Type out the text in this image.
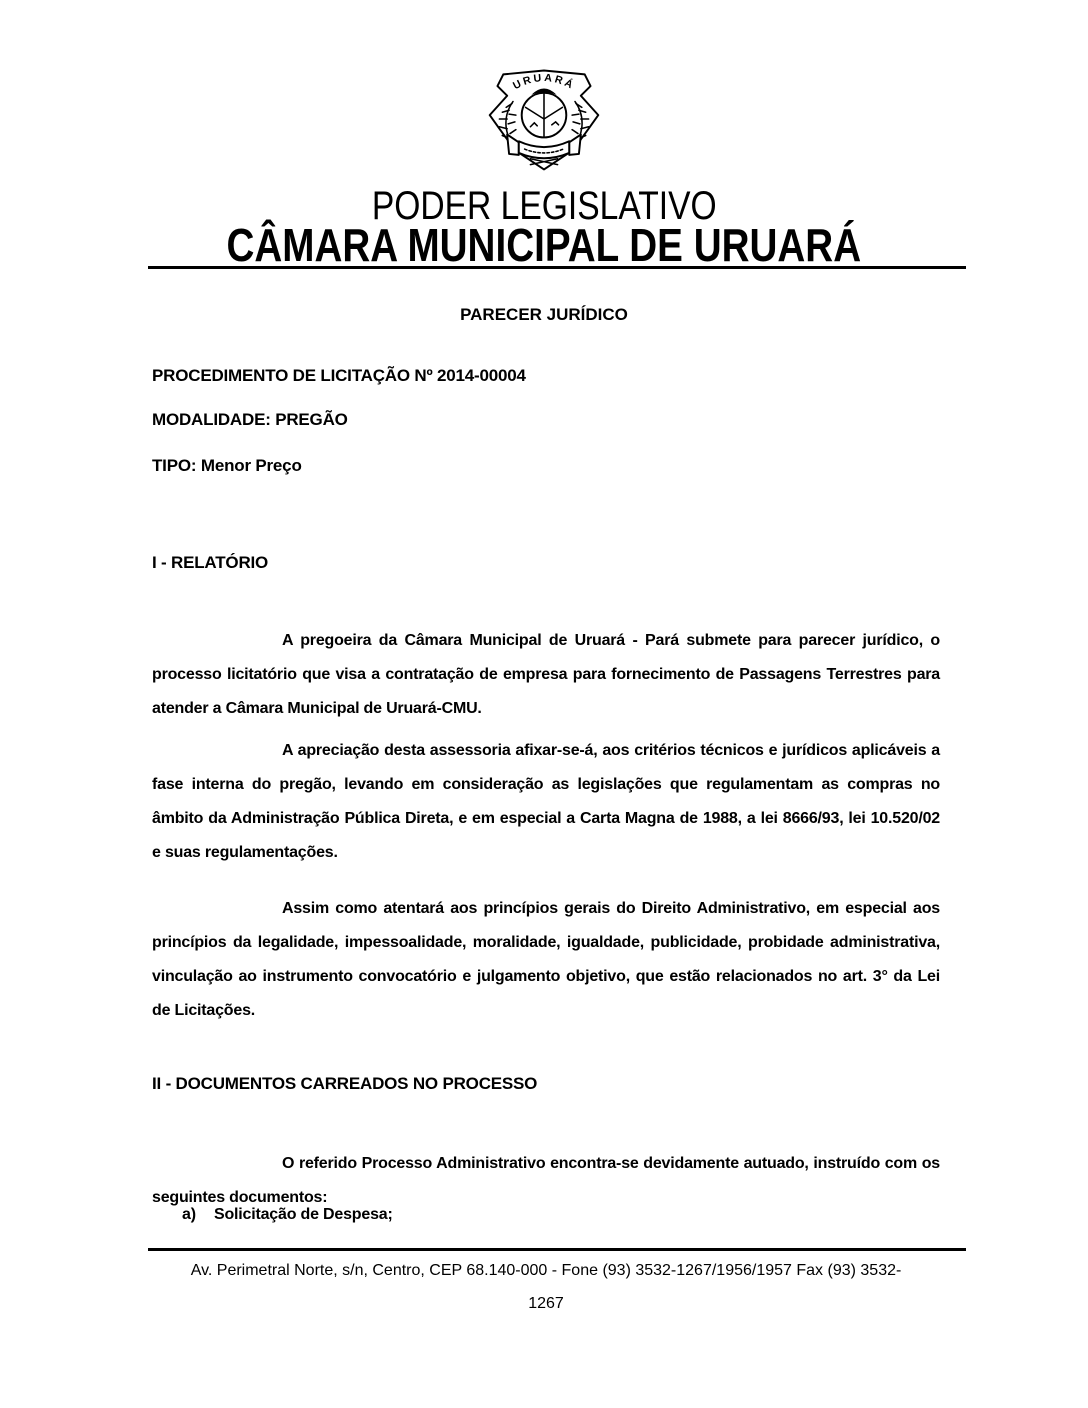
URUARÁ
PODER LEGISLATIVO
CÂMARA MUNICIPAL DE URUARÁ
PARECER JURÍDICO
PROCEDIMENTO DE LICITAÇÃO Nº 2014-00004
MODALIDADE: PREGÃO
TIPO: Menor Preço
I - RELATÓRIO

A pregoeira da Câmara Municipal de Uruará - Pará submete para parecer jurídico, o processo licitatório que visa a contratação de empresa para fornecimento de Passagens Terrestres para atender a Câmara Municipal de Uruará-CMU.

A apreciação desta assessoria afixar-se-á, aos critérios técnicos e jurídicos aplicáveis a fase interna do pregão, levando em consideração as legislações que regulamentam as compras no âmbito da Administração Pública Direta, e em especial a Carta Magna de 1988, a lei 8666/93, lei 10.520/02 e suas regulamentações.

Assim como atentará aos princípios gerais do Direito Administrativo, em especial aos princípios da legalidade, impessoalidade, moralidade, igualdade, publicidade, probidade administrativa, vinculação ao instrumento convocatório e julgamento objetivo, que estão relacionados no art. 3° da Lei de Licitações.

II - DOCUMENTOS CARREADOS NO PROCESSO

O referido Processo Administrativo encontra-se devidamente autuado, instruído com os seguintes documentos:

a)	Solicitação de Despesa;
Av. Perimetral Norte, s/n, Centro, CEP 68.140-000 - Fone (93) 3532-1267/1956/1957 Fax (93) 3532-
1267
